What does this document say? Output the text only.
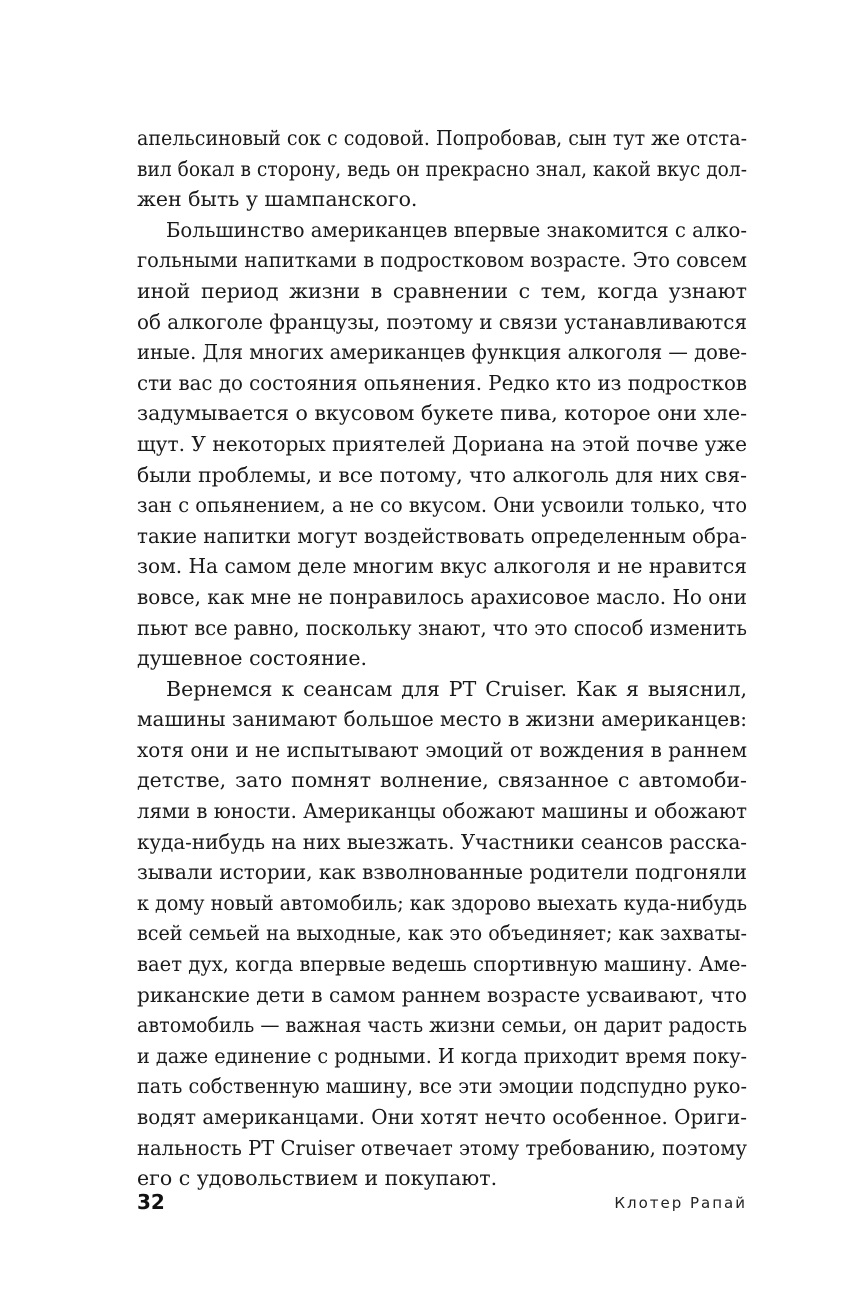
апельсиновый сок с содовой. Попробовав, сын тут же отста-
вил бокал в сторону, ведь он прекрасно знал, какой вкус дол-
жен быть у шампанского.
Большинство американцев впервые знакомится с алко-
гольными напитками в подростковом возрасте. Это совсем
иной период жизни в сравнении с тем, когда узнают
об алкоголе французы, поэтому и связи устанавливаются
иные. Для многих американцев функция алкоголя — дове-
сти вас до состояния опьянения. Редко кто из подростков
задумывается о вкусовом букете пива, которое они хле-
щут. У некоторых приятелей Дориана на этой почве уже
были проблемы, и все потому, что алкоголь для них свя-
зан с опьянением, а не со вкусом. Они усвоили только, что
такие напитки могут воздействовать определенным обра-
зом. На самом деле многим вкус алкоголя и не нравится
вовсе, как мне не понравилось арахисовое масло. Но они
пьют все равно, поскольку знают, что это способ изменить
душевное состояние.
Вернемся к сеансам для PT Cruiser. Как я выяснил,
машины занимают большое место в жизни американцев:
хотя они и не испытывают эмоций от вождения в раннем
детстве, зато помнят волнение, связанное с автомоби-
лями в юности. Американцы обожают машины и обожают
куда-нибудь на них выезжать. Участники сеансов расска-
зывали истории, как взволнованные родители подгоняли
к дому новый автомобиль; как здорово выехать куда-нибудь
всей семьей на выходные, как это объединяет; как захваты-
вает дух, когда впервые ведешь спортивную машину. Аме-
риканские дети в самом раннем возрасте усваивают, что
автомобиль — важная часть жизни семьи, он дарит радость
и даже единение с родными. И когда приходит время поку-
пать собственную машину, все эти эмоции подспудно руко-
водят американцами. Они хотят нечто особенное. Ориги-
нальность PT Cruiser отвечает этому требованию, поэтому
его с удовольствием и покупают.
32	Клотер Рапай
